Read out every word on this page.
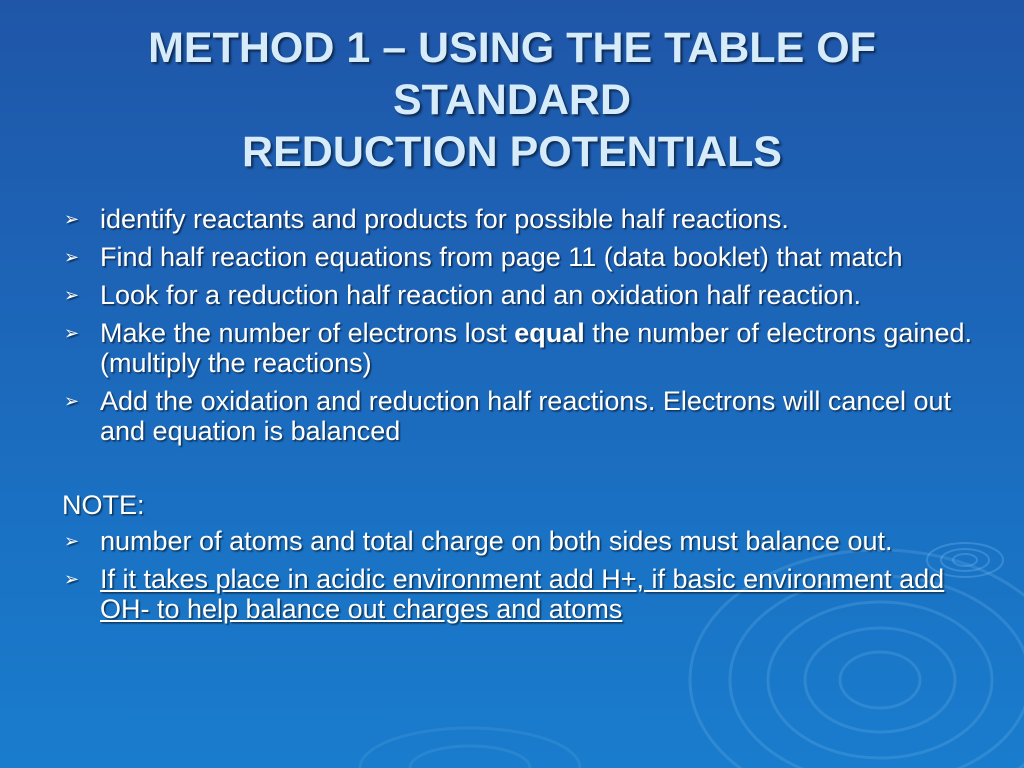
METHOD 1 – USING THE TABLE OF
STANDARD
REDUCTION POTENTIALS
➢ identify reactants and products for possible half reactions.
➢ Find half reaction equations from page 11 (data booklet) that match
➢ Look for a reduction half reaction and an oxidation half reaction.
➢ Make the number of electrons lost equal the number of electrons gained. (multiply the reactions)
➢ Add the oxidation and reduction half reactions. Electrons will cancel out and equation is balanced
NOTE:
➢ number of atoms and total charge on both sides must balance out.
➢ If it takes place in acidic environment add H+, if basic environment add OH- to help balance out charges and atoms
